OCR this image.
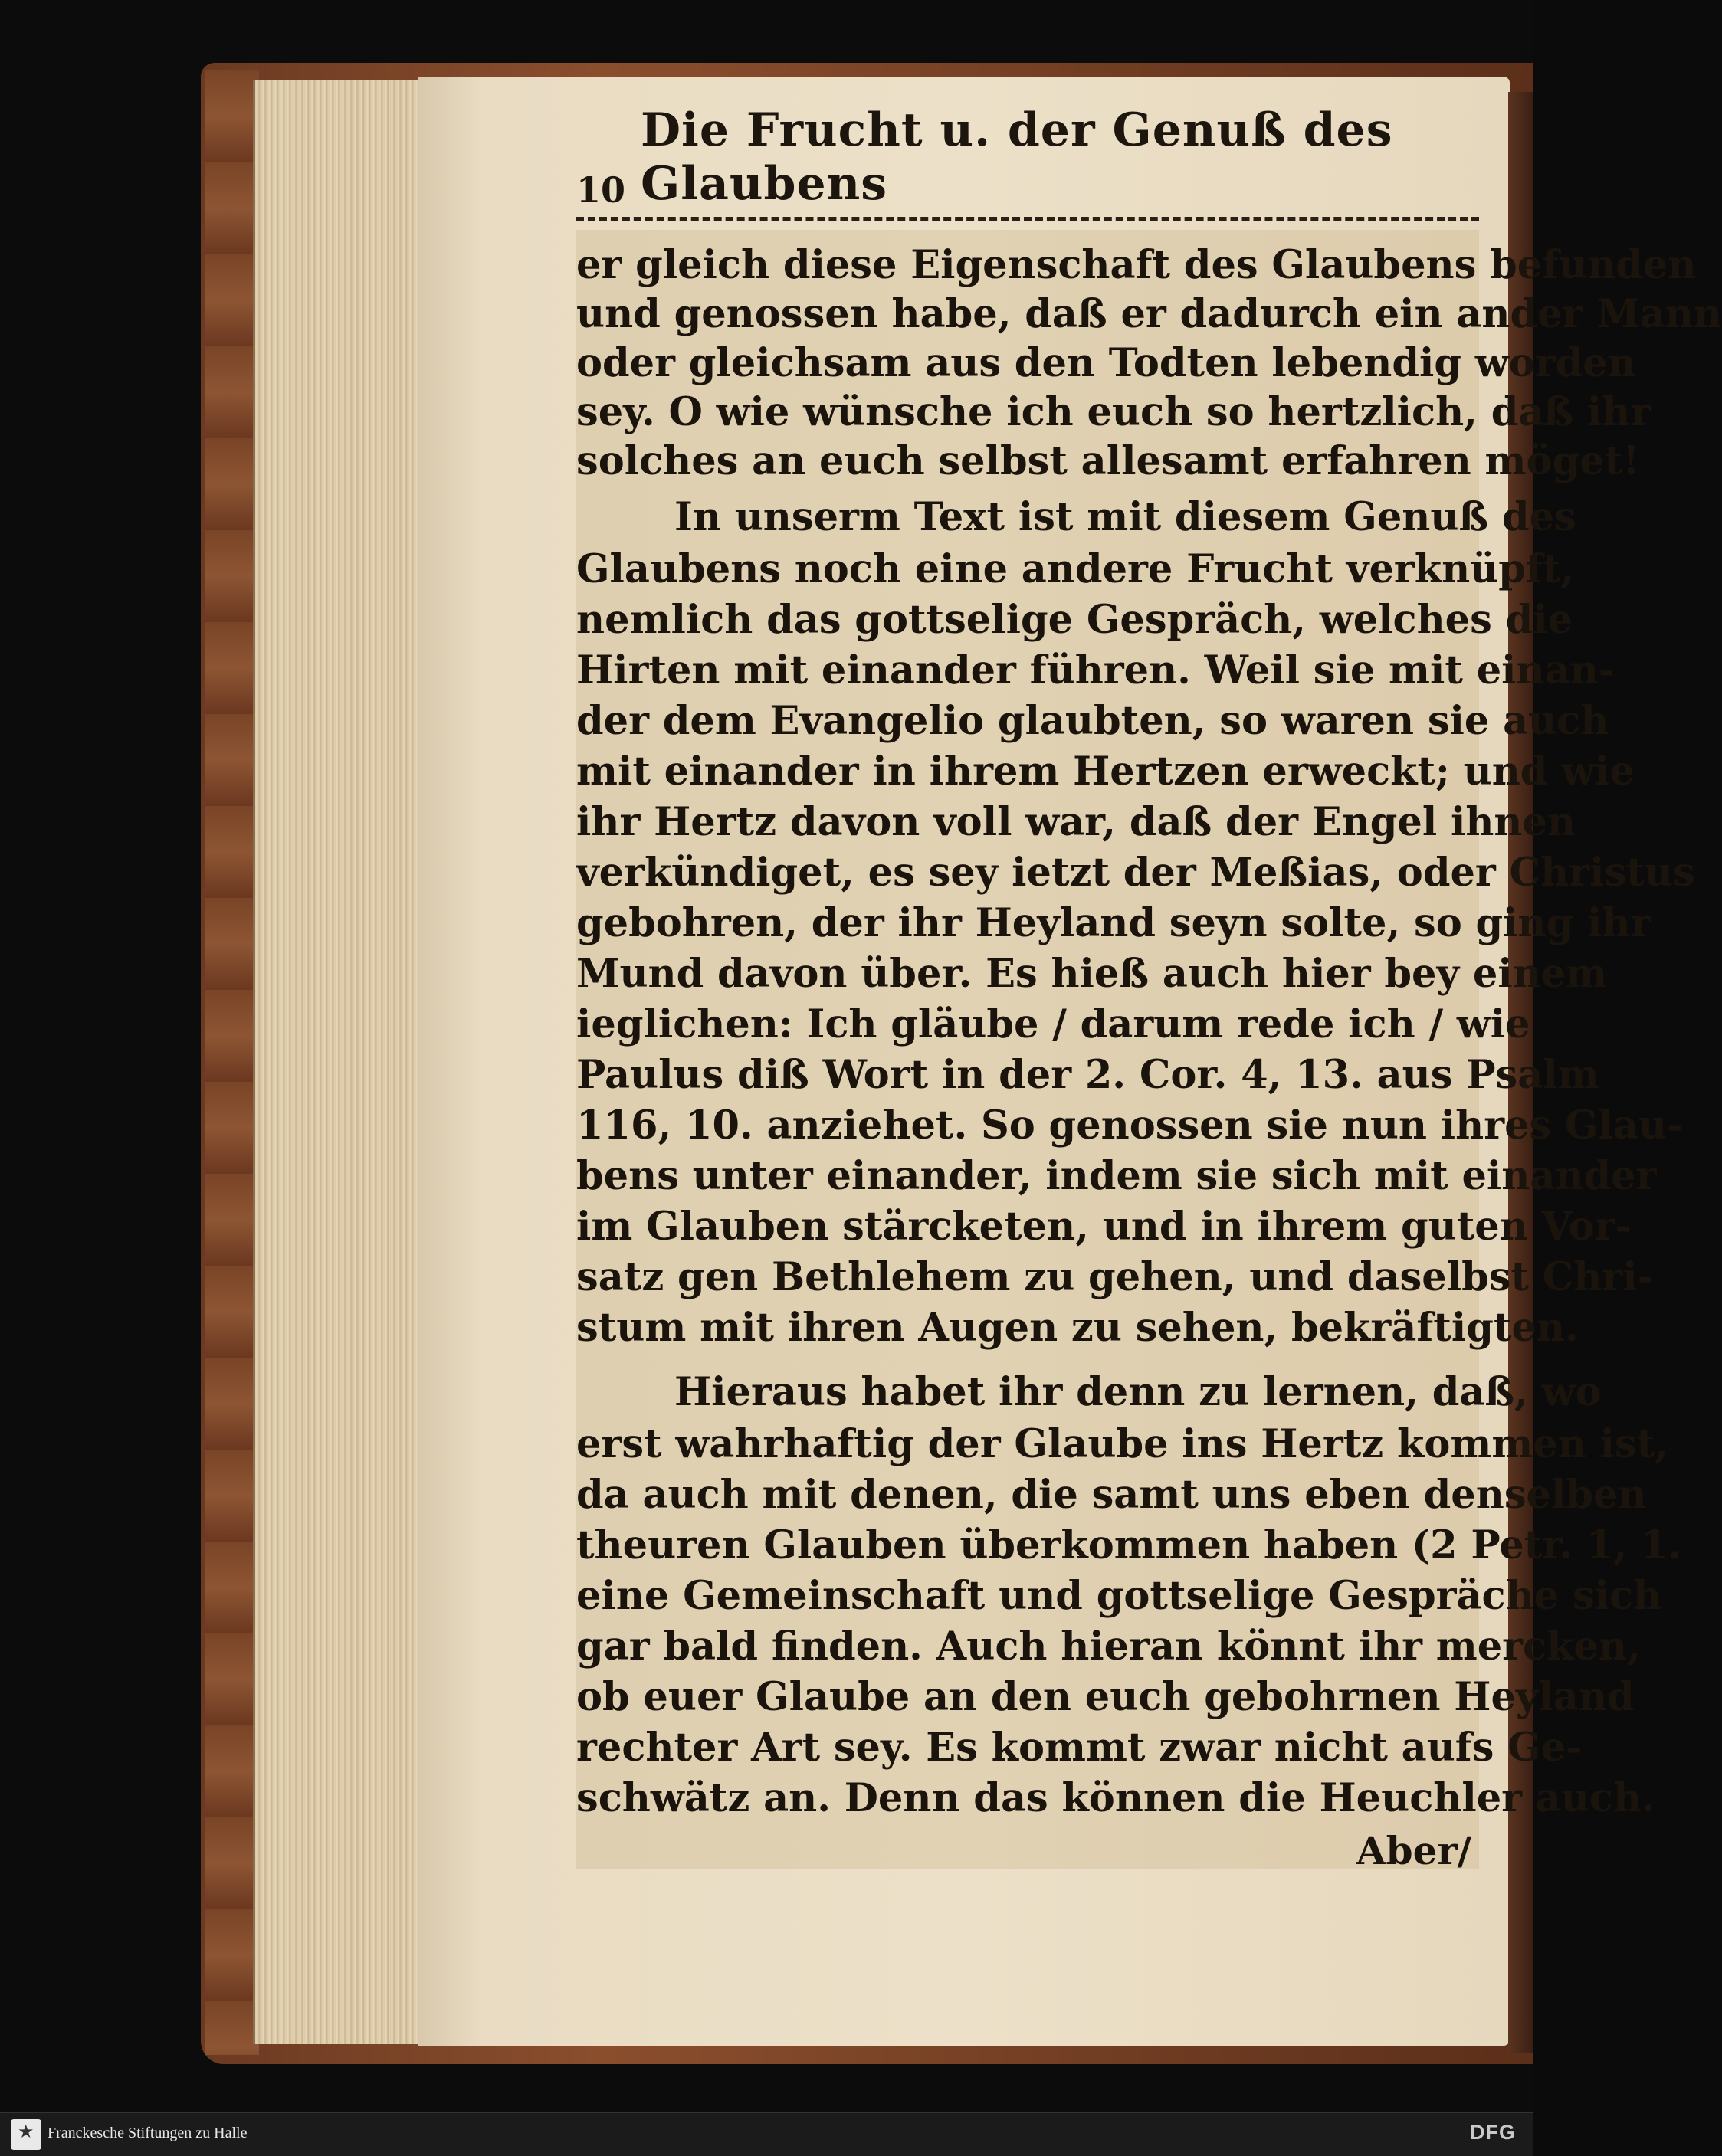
10
Die Frucht u. der Genuß des Glaubens
er gleich diese Eigenschaft des Glaubens befunden
und genossen habe, daß er dadurch ein ander Mann
oder gleichsam aus den Todten lebendig worden
sey. O wie wünsche ich euch so hertzlich, daß ihr
solches an euch selbst allesamt erfahren möget!
In unserm Text ist mit diesem Genuß des
Glaubens noch eine andere Frucht verknüpft,
nemlich das gottselige Gespräch, welches die
Hirten mit einander führen. Weil sie mit einan-
der dem Evangelio glaubten, so waren sie auch
mit einander in ihrem Hertzen erweckt; und wie
ihr Hertz davon voll war, daß der Engel ihnen
verkündiget, es sey ietzt der Meßias, oder Christus
gebohren, der ihr Heyland seyn solte, so ging ihr
Mund davon über. Es hieß auch hier bey einem
ieglichen: Ich gläube / darum rede ich / wie
Paulus diß Wort in der 2. Cor. 4, 13. aus Psalm
116, 10. anziehet. So genossen sie nun ihres Glau-
bens unter einander, indem sie sich mit einander
im Glauben stärcketen, und in ihrem guten Vor-
satz gen Bethlehem zu gehen, und daselbst Chri-
stum mit ihren Augen zu sehen, bekräftigten.
Hieraus habet ihr denn zu lernen, daß, wo
erst wahrhaftig der Glaube ins Hertz kommen ist,
da auch mit denen, die samt uns eben denselben
theuren Glauben überkommen haben (2 Petr. 1, 1.
eine Gemeinschaft und gottselige Gespräche sich
gar bald finden. Auch hieran könnt ihr mercken,
ob euer Glaube an den euch gebohrnen Heyland
rechter Art sey. Es kommt zwar nicht aufs Ge-
schwätz an. Denn das können die Heuchler auch.
Aber/
★
Franckesche Stiftungen zu Halle	DFG
